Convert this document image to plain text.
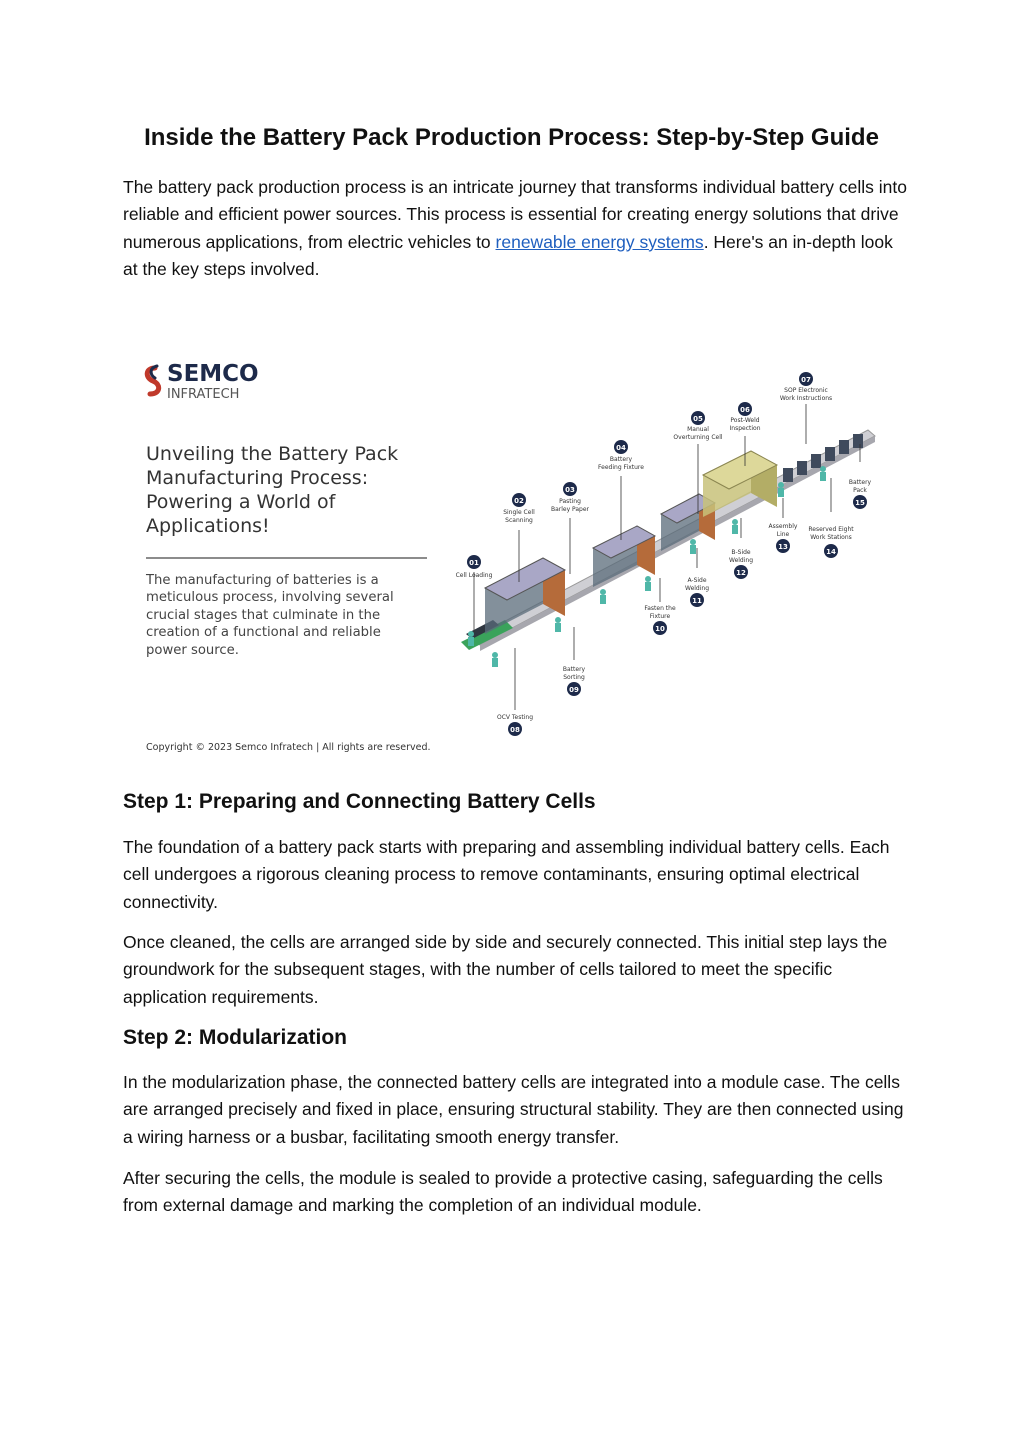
Inside the Battery Pack Production Process: Step-by-Step Guide

The battery pack production process is an intricate journey that transforms individual battery cells into reliable and efficient power sources. This process is essential for creating energy solutions that drive numerous applications, from electric vehicles to renewable energy systems. Here's an in-depth look at the key steps involved.

SEMCO
INFRATECH
Unveiling the Battery Pack
Manufacturing Process:
Powering a World of
Applications!
The manufacturing of batteries is a
meticulous process, involving several
crucial stages that culminate in the
creation of a functional and reliable
power source.
Copyright © 2023 Semco Infratech | All rights are reserved.
01
Cell Loading
02
Single Cell
Scanning
03
Pasting
Barley Paper
04
Battery
Feeding Fixture
05
Manual
Overturning Cell
06
Post-Weld
Inspection
07
SOP Electronic
Work Instructions
OCV Testing
08
Battery
Sorting
09
Fasten the
Fixture
10
A-Side
Welding
11
B-Side
Welding
12
Assembly
Line
13
Reserved Eight
Work Stations
14
Battery
Pack
15
Step 1: Preparing and Connecting Battery Cells

The foundation of a battery pack starts with preparing and assembling individual battery cells. Each cell undergoes a rigorous cleaning process to remove contaminants, ensuring optimal electrical connectivity.

Once cleaned, the cells are arranged side by side and securely connected. This initial step lays the groundwork for the subsequent stages, with the number of cells tailored to meet the specific application requirements.

Step 2: Modularization

In the modularization phase, the connected battery cells are integrated into a module case. The cells are arranged precisely and fixed in place, ensuring structural stability. They are then connected using a wiring harness or a busbar, facilitating smooth energy transfer.

After securing the cells, the module is sealed to provide a protective casing, safeguarding the cells from external damage and marking the completion of an individual module.
